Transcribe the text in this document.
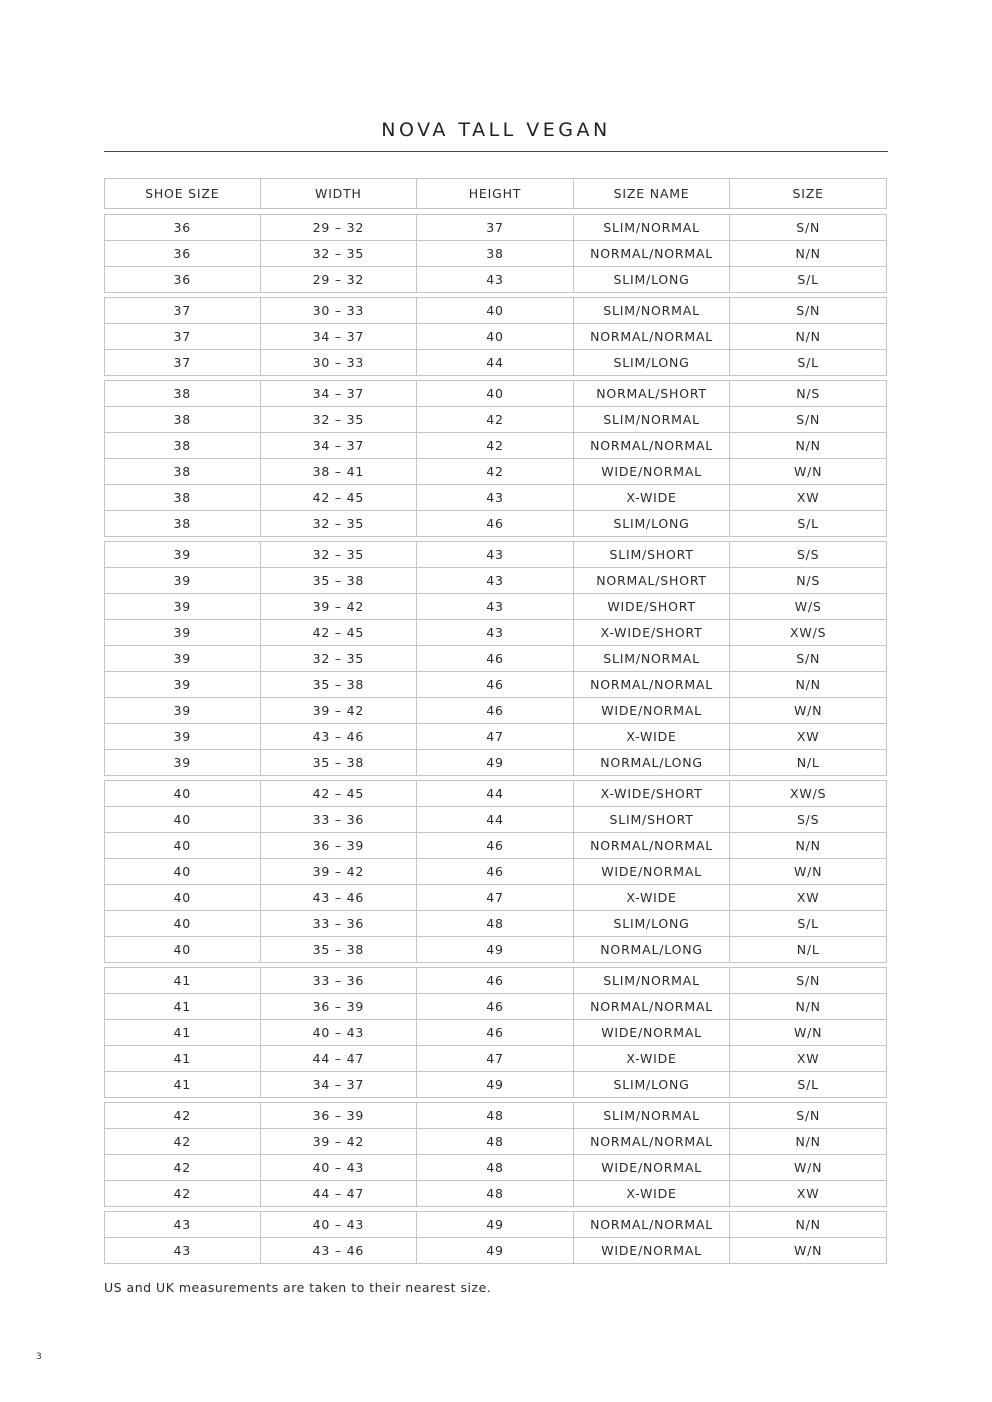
NOVA TALL VEGAN
SHOE SIZE	WIDTH	HEIGHT	SIZE NAME	SIZE

36	29 – 32	37	SLIM/NORMAL	S/N
36	32 – 35	38	NORMAL/NORMAL	N/N
36	29 – 32	43	SLIM/LONG	S/L

37	30 – 33	40	SLIM/NORMAL	S/N
37	34 – 37	40	NORMAL/NORMAL	N/N
37	30 – 33	44	SLIM/LONG	S/L

38	34 – 37	40	NORMAL/SHORT	N/S
38	32 – 35	42	SLIM/NORMAL	S/N
38	34 – 37	42	NORMAL/NORMAL	N/N
38	38 – 41	42	WIDE/NORMAL	W/N
38	42 – 45	43	X-WIDE	XW
38	32 – 35	46	SLIM/LONG	S/L

39	32 – 35	43	SLIM/SHORT	S/S
39	35 – 38	43	NORMAL/SHORT	N/S
39	39 – 42	43	WIDE/SHORT	W/S
39	42 – 45	43	X-WIDE/SHORT	XW/S
39	32 – 35	46	SLIM/NORMAL	S/N
39	35 – 38	46	NORMAL/NORMAL	N/N
39	39 – 42	46	WIDE/NORMAL	W/N
39	43 – 46	47	X-WIDE	XW
39	35 – 38	49	NORMAL/LONG	N/L

40	42 – 45	44	X-WIDE/SHORT	XW/S
40	33 – 36	44	SLIM/SHORT	S/S
40	36 – 39	46	NORMAL/NORMAL	N/N
40	39 – 42	46	WIDE/NORMAL	W/N
40	43 – 46	47	X-WIDE	XW
40	33 – 36	48	SLIM/LONG	S/L
40	35 – 38	49	NORMAL/LONG	N/L

41	33 – 36	46	SLIM/NORMAL	S/N
41	36 – 39	46	NORMAL/NORMAL	N/N
41	40 – 43	46	WIDE/NORMAL	W/N
41	44 – 47	47	X-WIDE	XW
41	34 – 37	49	SLIM/LONG	S/L

42	36 – 39	48	SLIM/NORMAL	S/N
42	39 – 42	48	NORMAL/NORMAL	N/N
42	40 – 43	48	WIDE/NORMAL	W/N
42	44 – 47	48	X-WIDE	XW

43	40 – 43	49	NORMAL/NORMAL	N/N
43	43 – 46	49	WIDE/NORMAL	W/N
US and UK measurements are taken to their nearest size.
3
